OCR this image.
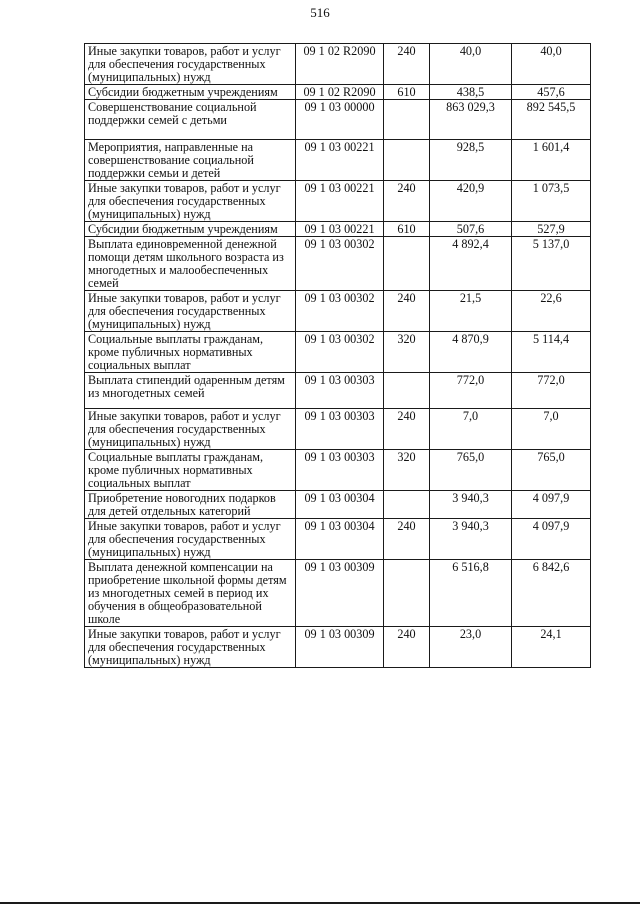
516
Иные закупки товаров, работ и услуг для обеспечения государственных (муниципальных) нужд	09 1 02 R2090	240	40,0	40,0
Субсидии бюджетным учреждениям	09 1 02 R2090	610	438,5	457,6
Совершенствование социальной поддержки семей с детьми	09 1 03 00000		863 029,3	892 545,5
Мероприятия, направленные на совершенствование социальной поддержки семьи и детей	09 1 03 00221		928,5	1 601,4
Иные закупки товаров, работ и услуг для обеспечения государственных (муниципальных) нужд	09 1 03 00221	240	420,9	1 073,5
Субсидии бюджетным учреждениям	09 1 03 00221	610	507,6	527,9
Выплата единовременной денежной помощи детям школьного возраста из многодетных и малообеспеченных семей	09 1 03 00302		4 892,4	5 137,0
Иные закупки товаров, работ и услуг для обеспечения государственных (муниципальных) нужд	09 1 03 00302	240	21,5	22,6
Социальные выплаты гражданам, кроме публичных нормативных социальных выплат	09 1 03 00302	320	4 870,9	5 114,4
Выплата стипендий одаренным детям из многодетных семей	09 1 03 00303		772,0	772,0
Иные закупки товаров, работ и услуг для обеспечения государственных (муниципальных) нужд	09 1 03 00303	240	7,0	7,0
Социальные выплаты гражданам, кроме публичных нормативных социальных выплат	09 1 03 00303	320	765,0	765,0
Приобретение новогодних подарков для детей отдельных категорий	09 1 03 00304		3 940,3	4 097,9
Иные закупки товаров, работ и услуг для обеспечения государственных (муниципальных) нужд	09 1 03 00304	240	3 940,3	4 097,9
Выплата денежной компенсации на приобретение школьной формы детям из многодетных семей в период их обучения в общеобразовательной школе	09 1 03 00309		6 516,8	6 842,6
Иные закупки товаров, работ и услуг для обеспечения государственных (муниципальных) нужд	09 1 03 00309	240	23,0	24,1
